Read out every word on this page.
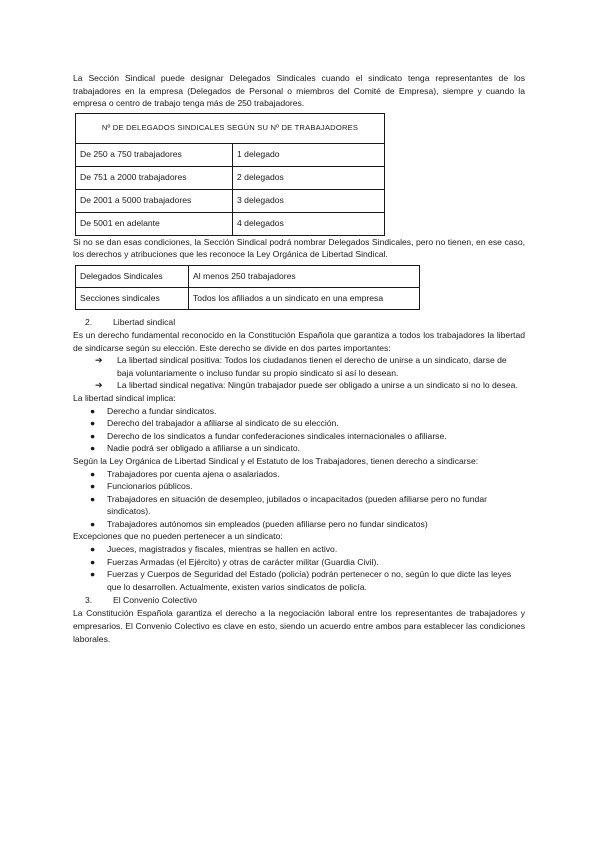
La Sección Sindical puede designar Delegados Sindicales cuando el sindicato tenga representantes de los trabajadores en la empresa (Delegados de Personal o miembros del Comité de Empresa), siempre y cuando la empresa o centro de trabajo tenga más de 250 trabajadores.

Nº DE DELEGADOS SINDICALES SEGÚN SU Nº DE TRABAJADORES	
De 250 a 750 trabajadores	1 delegado
De 751 a 2000 trabajadores	2 delegados
De 2001 a 5000 trabajadores	3 delegados
De 5001 en adelante	4 delegados

Si no se dan esas condiciones, la Sección Sindical podrá nombrar Delegados Sindicales, pero no tienen, en ese caso, los derechos y atribuciones que les reconoce la Ley Orgánica de Libertad Sindical.

Delegados Sindicales	Al menos 250 trabajadores
Secciones sindicales	Todos los afiliados a un sindicato en una empresa
2. Libertad sindical

Es un derecho fundamental reconocido en la Constitución Española que garantiza a todos los trabajadores la libertad de sindicarse según su elección. Este derecho se divide en dos partes importantes:

➔ La libertad sindical positiva: Todos los ciudadanos tienen el derecho de unirse a un sindicato, darse de baja voluntariamente o incluso fundar su propio sindicato si así lo desean.
➔ La libertad sindical negativa: Ningún trabajador puede ser obligado a unirse a un sindicato si no lo desea.

La libertad sindical implica:

● Derecho a fundar sindicatos.
● Derecho del trabajador a afiliarse al sindicato de su elección.
● Derecho de los sindicatos a fundar confederaciones sindicales internacionales o afiliarse.
● Nadie podrá ser obligado a afiliarse a un sindicato.

Según la Ley Orgánica de Libertad Sindical y el Estatuto de los Trabajadores, tienen derecho a sindicarse:

● Trabajadores por cuenta ajena o asalariados.
● Funcionarios públicos.
● Trabajadores en situación de desempleo, jubilados o incapacitados (pueden afiliarse pero no fundar sindicatos).
● Trabajadores autónomos sin empleados (pueden afiliarse pero no fundar sindicatos)

Excepciones que no pueden pertenecer a un sindicato:

● Jueces, magistrados y fiscales, mientras se hallen en activo.
● Fuerzas Armadas (el Ejército) y otras de carácter militar (Guardia Civil).
● Fuerzas y Cuerpos de Seguridad del Estado (policía) podrán pertenecer o no, según lo que dicte las leyes que lo desarrollen. Actualmente, existen varios sindicatos de policía.
3. El Convenio Colectivo

La Constitución Española garantiza el derecho a la negociación laboral entre los representantes de trabajadores y empresarios. El Convenio Colectivo es clave en esto, siendo un acuerdo entre ambos para establecer las condiciones laborales.
